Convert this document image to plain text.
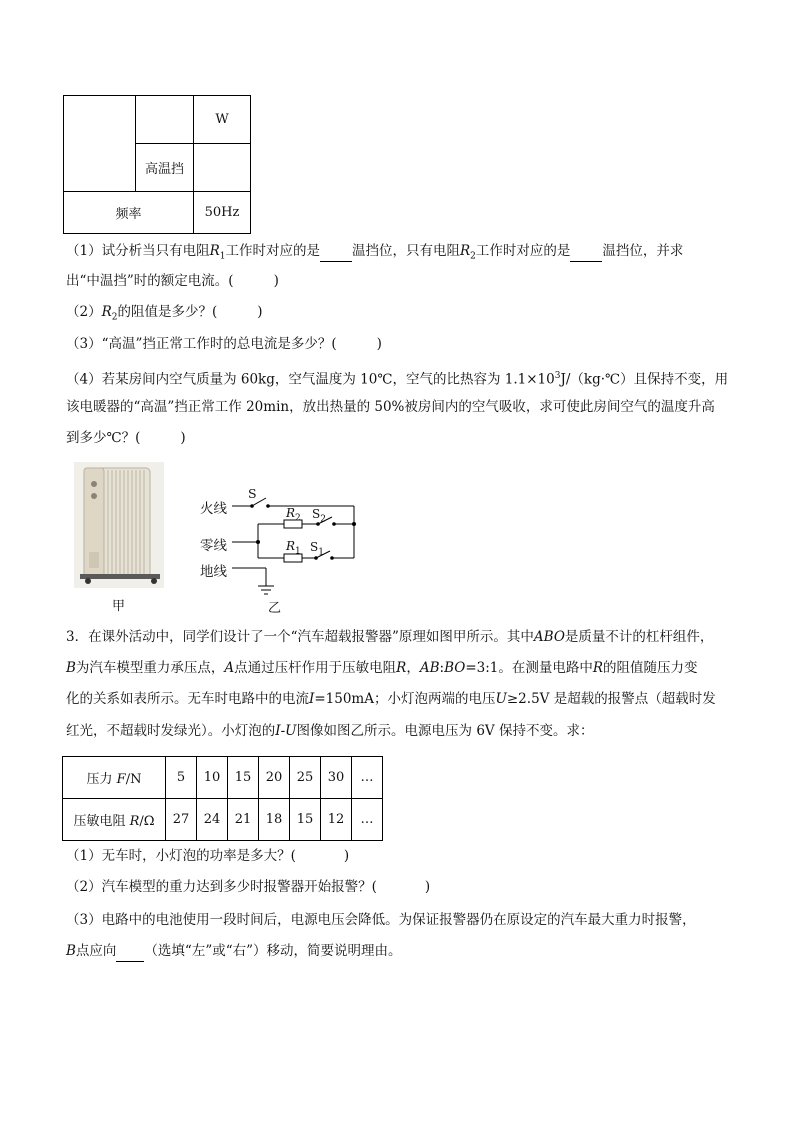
		W
	高温挡	
频率		50Hz
（1）试分析当只有电阻$R_1$工作时对应的是 温挡位，只有电阻$R_2$工作时对应的是 温挡位，并求
出“中温挡”时的额定电流。(	)
$(2)R_2$的阻值是多少？(	)
（3）“高温”挡正常工作时的总电流是多少？(	)
（4）若某房间内空气质量为 60kg，空气温度为 10℃，空气的比热容为 $1.1\times 10^3J/(kg\cdot℃)$且保持不变，用
该电暖器的“高温”挡正常工作 20min，放出热量的 50%被房间内的空气吸收，求可使此房间空气的温度升高
到多少℃？(	)
甲
火线
零线
地线
S
$R_2$ $S_2$
$R_1$ $S_1$
乙
3．在课外活动中，同学们设计了一个“汽车超载报警器”原理如图甲所示。其中ABO是质量不计的杠杆组件，
B为汽车模型重力承压点，A点通过压杆作用于压敏电阻R，AB:BO=3:1。在测量电路中R的阻值随压力变
化的关系如表所示。无车时电路中的电流I=150mA；小灯泡两端的电压U≥2.5V 是超载的报警点（超载时发
红光，不超载时发绿光）。小灯泡的I-U图像如图乙所示。电源电压为 6V 保持不变。求：
压力 F/N	5	10	15	20	25	30	…
压敏电阻 R/Ω	27	24	21	18	15	12	…
（1）无车时，小灯泡的功率是多大？(	)
（2）汽车模型的重力达到多少时报警器开始报警？(	)
（3）电路中的电池使用一段时间后，电源电压会降低。为保证报警器仍在原设定的汽车最大重力时报警，
B点应向 （选填“左”或“右”）移动，简要说明理由。
